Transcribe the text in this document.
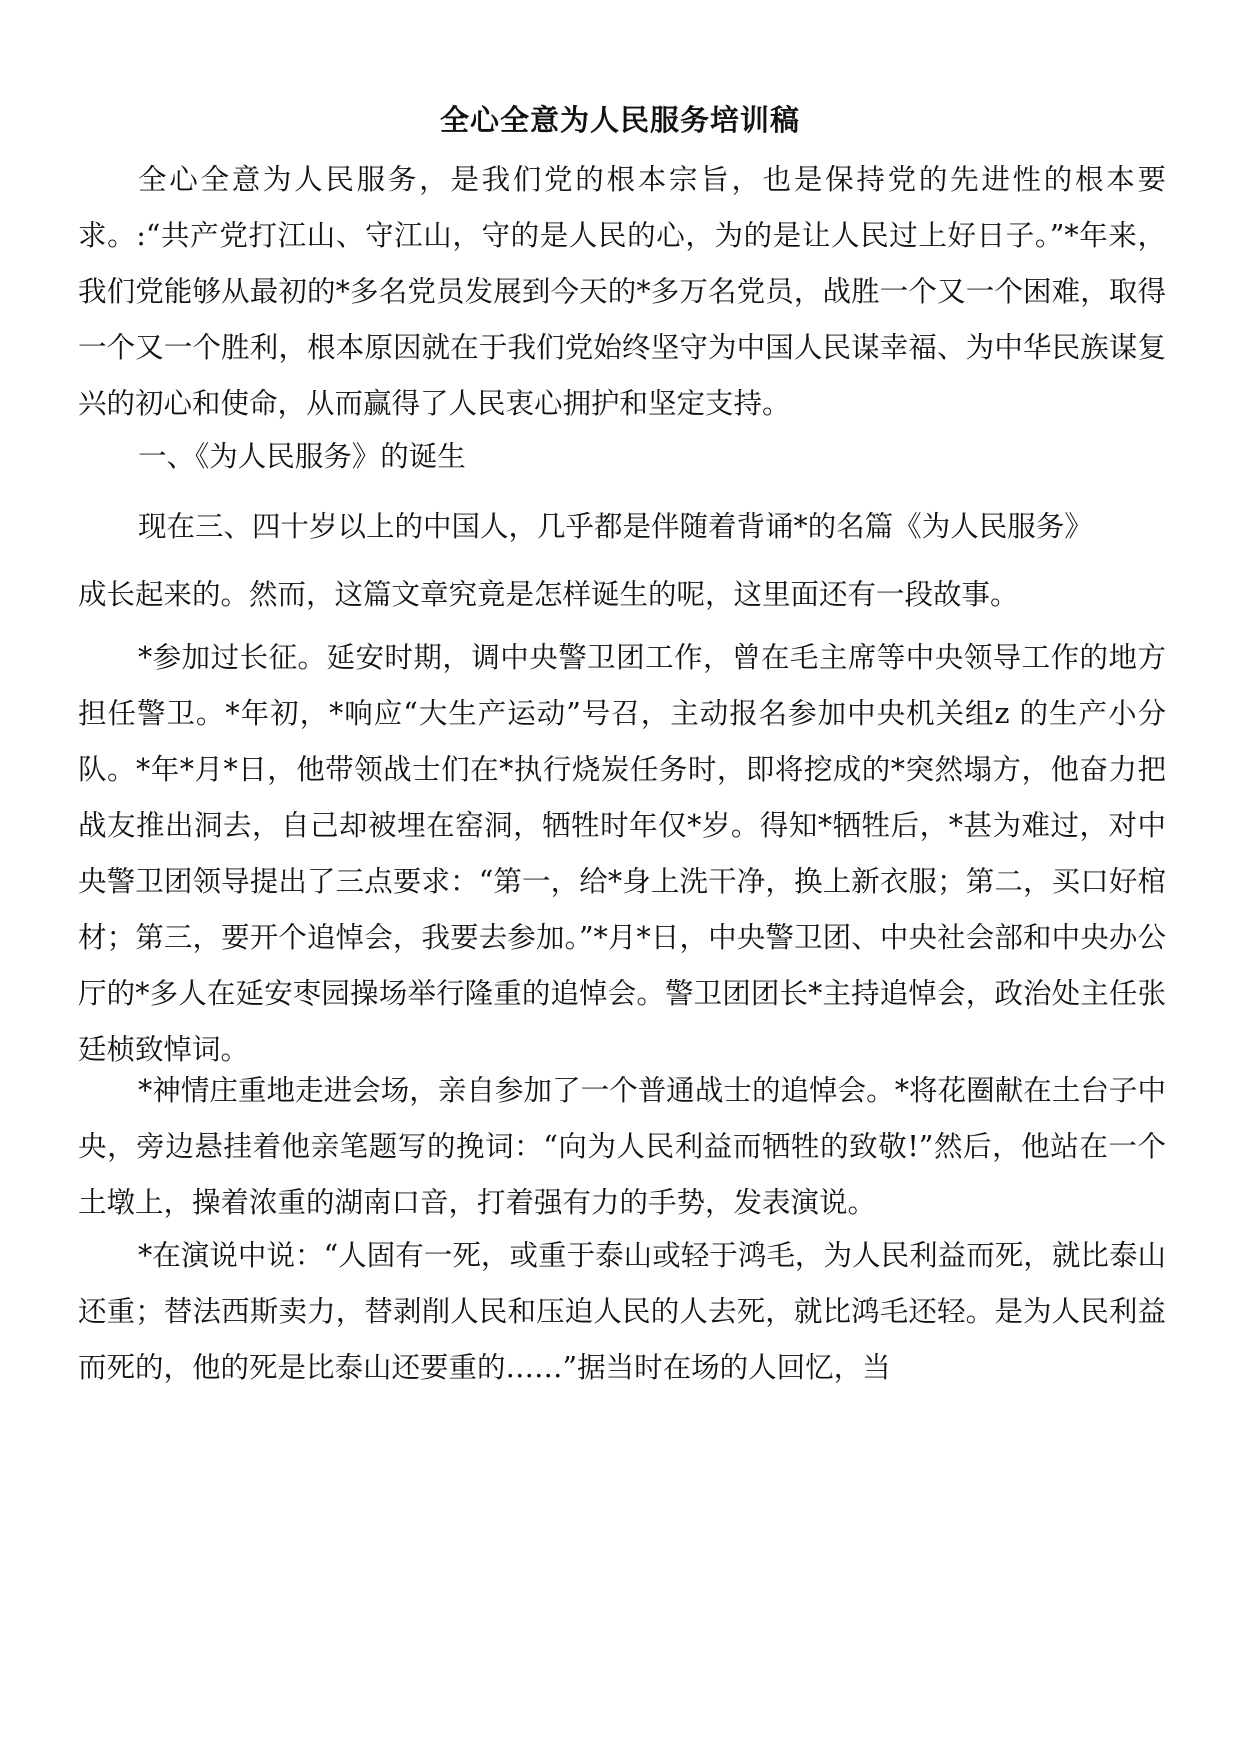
全心全意为人民服务培训稿

全心全意为人民服务，是我们党的根本宗旨，也是保持党的先进性的根本要求。:“共产党打江山、守江山，守的是人民的心，为的是让人民过上好日子。”*年来，我们党能够从最初的*多名党员发展到今天的*多万名党员，战胜一个又一个困难，取得一个又一个胜利，根本原因就在于我们党始终坚守为中国人民谋幸福、为中华民族谋复兴的初心和使命，从而赢得了人民衷心拥护和坚定支持。

一、《为人民服务》的诞生

现在三、四十岁以上的中国人，几乎都是伴随着背诵*的名篇《为人民服务》

成长起来的。然而，这篇文章究竟是怎样诞生的呢，这里面还有一段故事。

*参加过长征。延安时期，调中央警卫团工作，曾在毛主席等中央领导工作的地方担任警卫。*年初，*响应“大生产运动”号召，主动报名参加中央机关组z 的生产小分队。*年*月*日，他带领战士们在*执行烧炭任务时，即将挖成的*突然塌方，他奋力把战友推出洞去，自己却被埋在窑洞，牺牲时年仅*岁。得知*牺牲后，*甚为难过，对中央警卫团领导提出了三点要求：“第一，给*身上洗干净，换上新衣服；第二，买口好棺材；第三，要开个追悼会，我要去参加。”*月*日，中央警卫团、中央社会部和中央办公厅的*多人在延安枣园操场举行隆重的追悼会。警卫团团长*主持追悼会，政治处主任张廷桢致悼词。

*神情庄重地走进会场，亲自参加了一个普通战士的追悼会。*将花圈献在土台子中央，旁边悬挂着他亲笔题写的挽词：“向为人民利益而牺牲的致敬!”然后，他站在一个土墩上，操着浓重的湖南口音，打着强有力的手势，发表演说。

*在演说中说：“人固有一死，或重于泰山或轻于鸿毛，为人民利益而死，就比泰山还重；替法西斯卖力，替剥削人民和压迫人民的人去死，就比鸿毛还轻。是为人民利益而死的，他的死是比泰山还要重的……”据当时在场的人回忆，当
